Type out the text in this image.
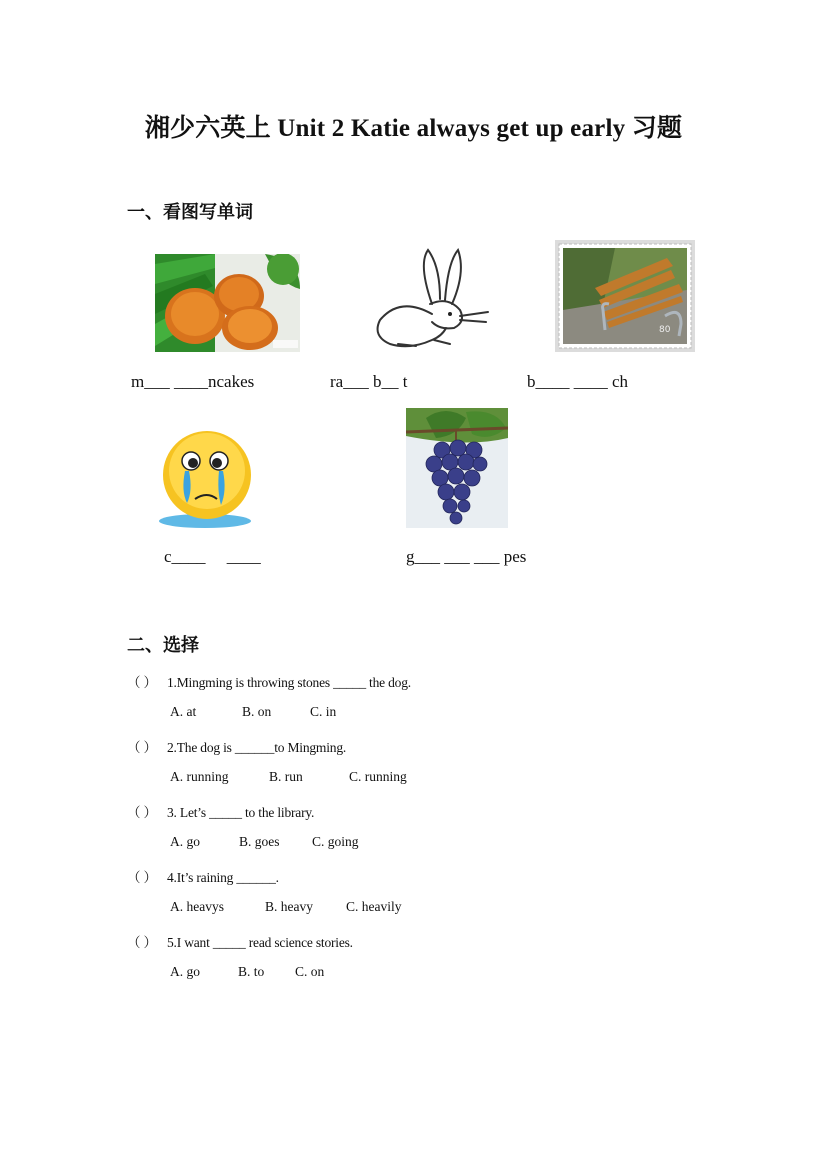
湘少六英上 Unit 2 Katie always get up early 习题
一、看图写单词
80
m___ ____ncakes	ra___ b__ t	b____ ____ ch
c____     ____	g___ ___ ___ pes
二、选择
（ ） 1.Mingming is throwing stones _____ the dog.
A. at	B. on	C. in
（ ） 2.The dog is ______to Mingming.
A. running	B. run	C. running
（ ） 3. Let’s _____ to the library.
A. go	B. goes C. going
（ ） 4.It’s raining ______.
A. heavys	B. heavy C. heavily
（ ） 5.I want _____ read science stories.
A. go	B. to C. on
